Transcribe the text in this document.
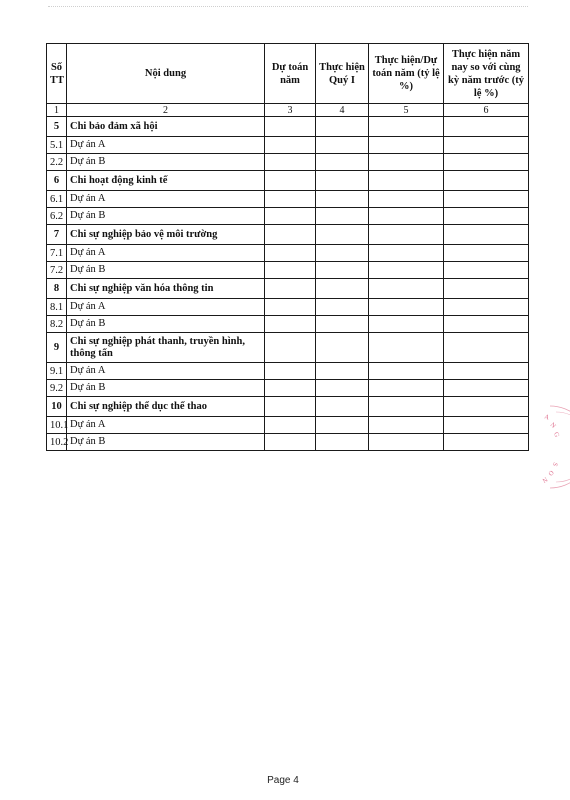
Số TT	Nội dung	Dự toán năm	Thực hiện Quý I	Thực hiện/Dự toán năm (tỷ lệ %)	Thực hiện năm nay so với cùng kỳ năm trước (tỷ lệ %)
1	2	3	4	5	6
5	Chi bảo đảm xã hội				
5.1	Dự án A				
2.2	Dự án B				
6	Chi hoạt động kinh tế				
6.1	Dự án A				
6.2	Dự án B				
7	Chi sự nghiệp bảo vệ môi trường				
7.1	Dự án A				
7.2	Dự án B				
8	Chi sự nghiệp văn hóa thông tin				
8.1	Dự án A				
8.2	Dự án B				
9	Chi sự nghiệp phát thanh, truyền hình, thông tấn				
9.1	Dự án A				
9.2	Dự án B				
10	Chi sự nghiệp thể dục thể thao				
10.1	Dự án A				
10.2	Dự án B				
A
N
G
S
O
N
Page 4
